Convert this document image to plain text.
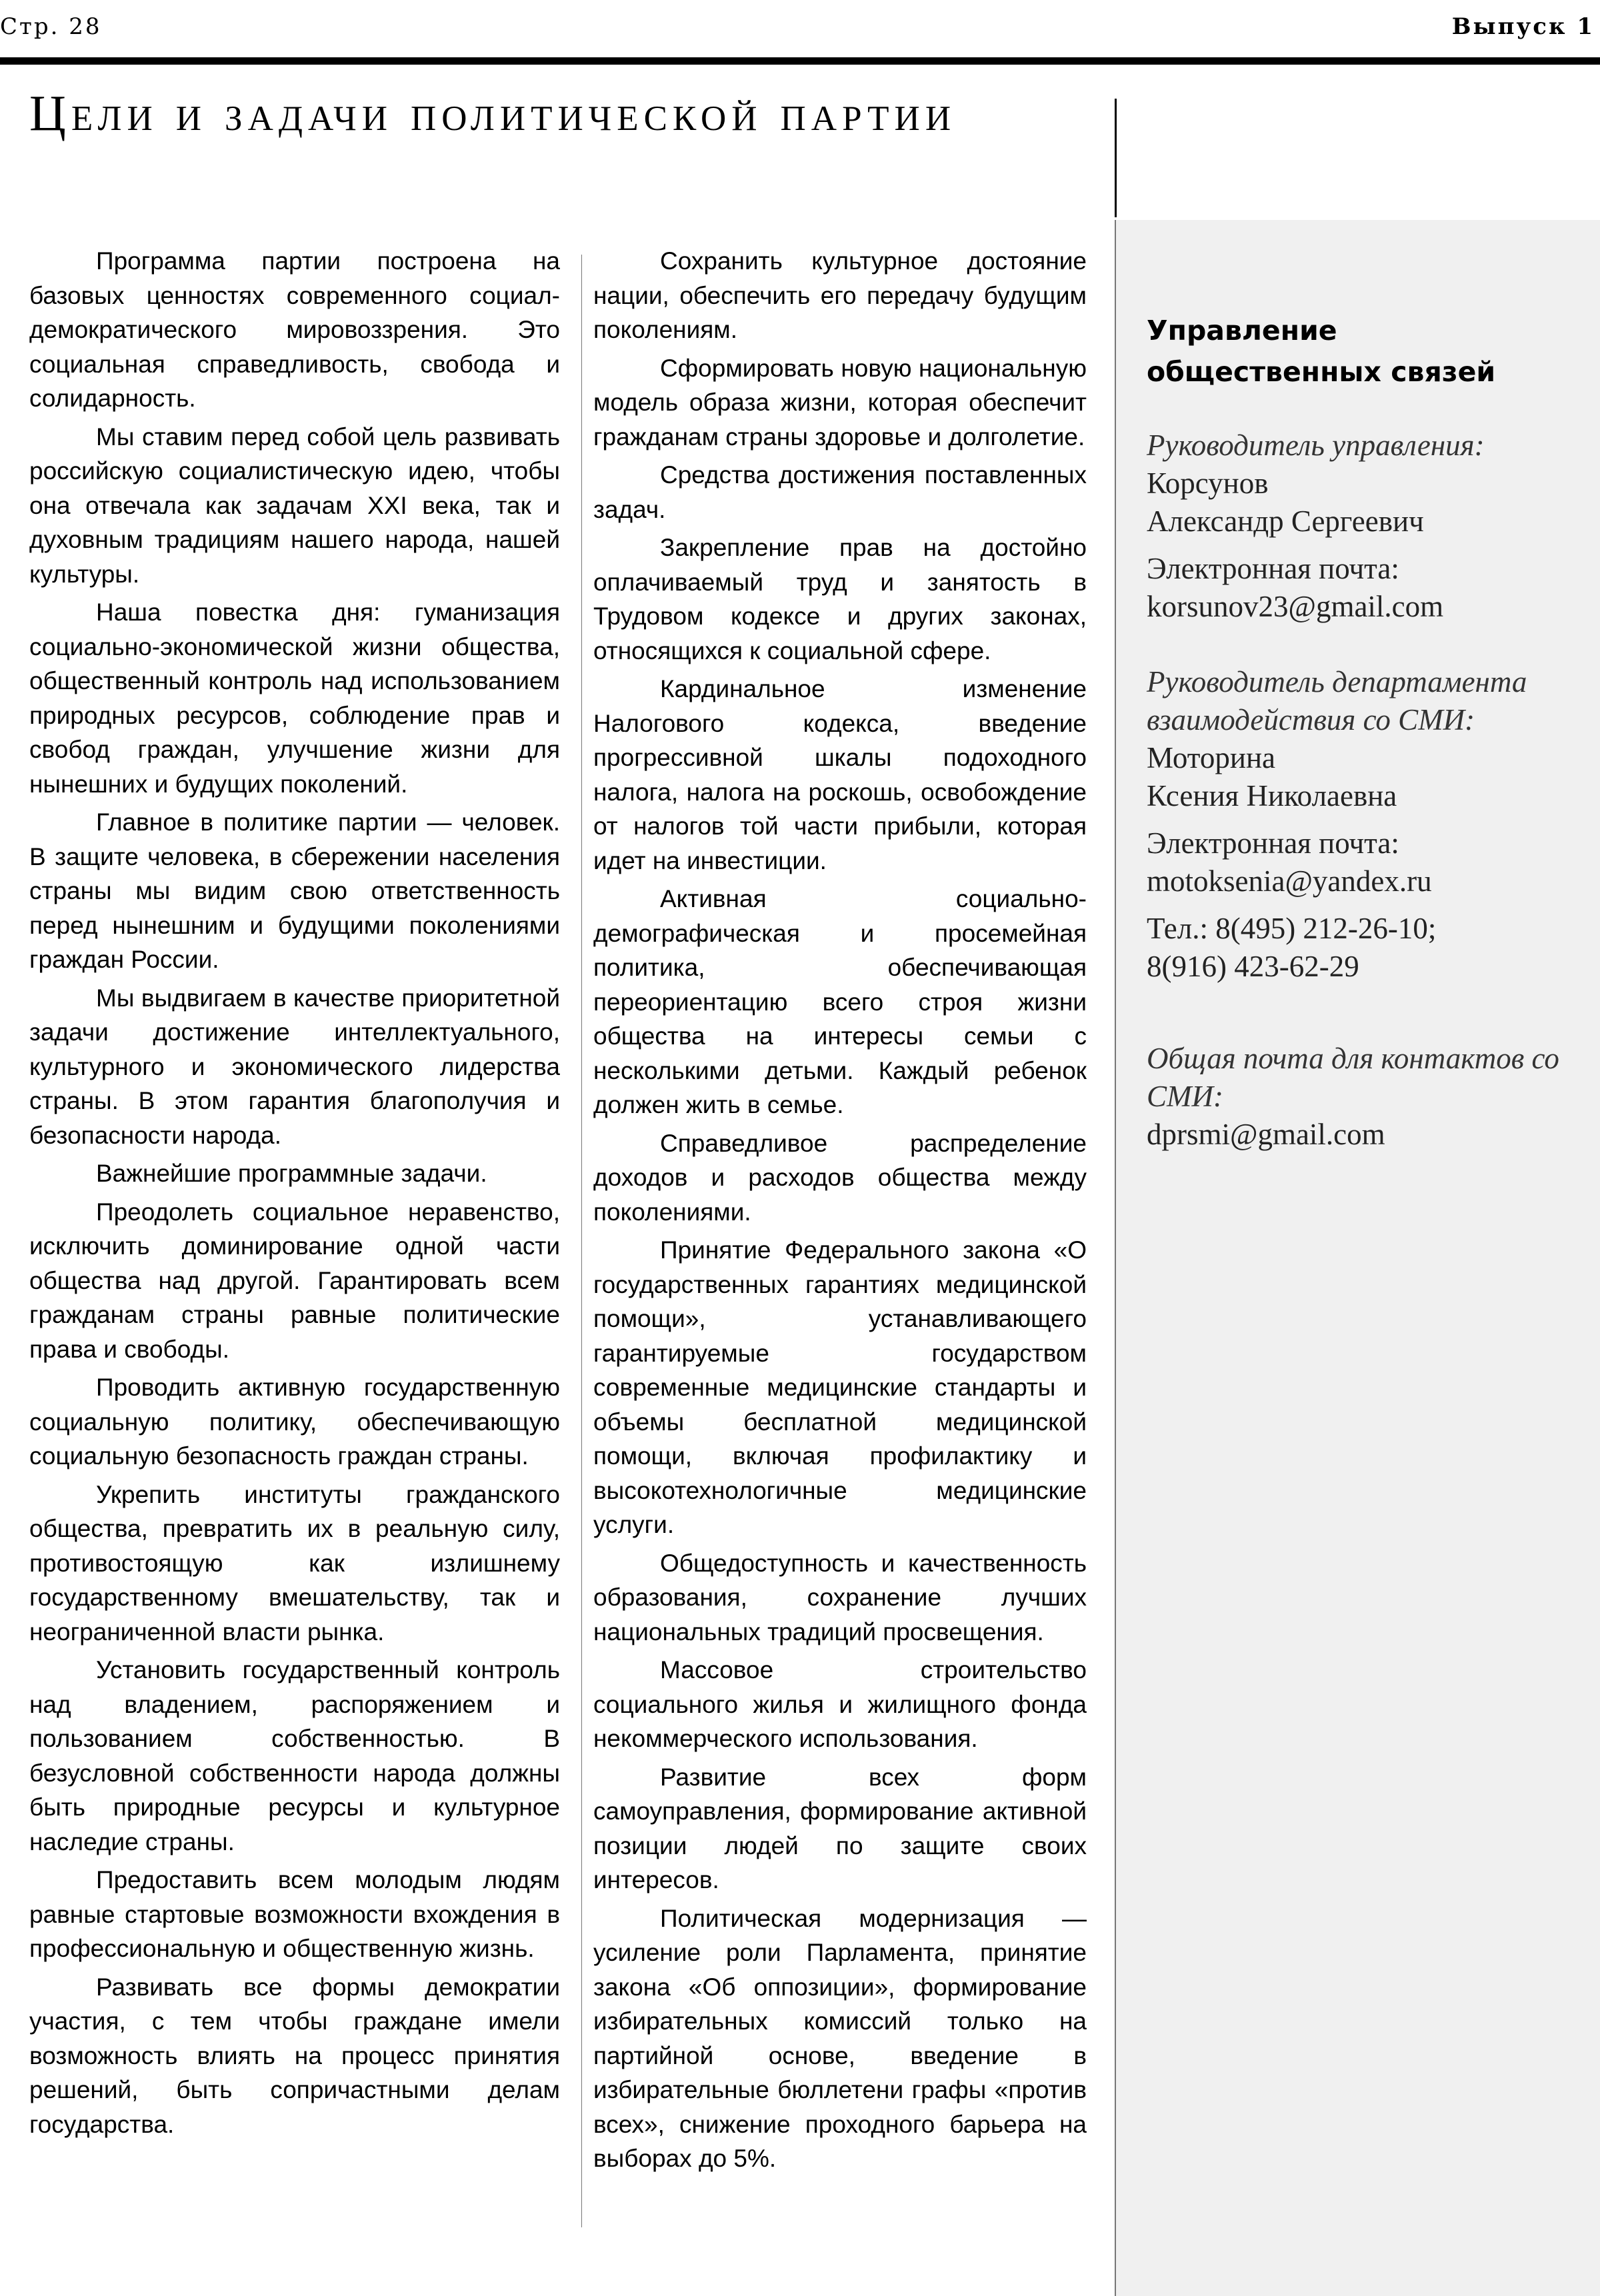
Стр. 28	Выпуск 1
Цели и задачи политической партии

Программа партии построена на базовых ценностях современного социал-демократического мировоззрения. Это социальная справедливость, свобода и солидарность.

Мы ставим перед собой цель развивать российскую социалистическую идею, чтобы она отвечала как задачам XXI века, так и духовным традициям нашего народа, нашей культуры.

Наша повестка дня: гуманизация социально-экономической жизни общества, общественный контроль над использованием природных ресурсов, соблюдение прав и свобод граждан, улучшение жизни для нынешних и будущих поколений.

Главное в политике партии — человек. В защите человека, в сбережении населения страны мы видим свою ответственность перед нынешним и будущими поколениями граждан России.

Мы выдвигаем в качестве приоритетной задачи достижение интеллектуального, культурного и экономического лидерства страны. В этом гарантия благополучия и безопасности народа.

Важнейшие программные задачи.

Преодолеть социальное неравенство, исключить доминирование одной части общества над другой. Гарантировать всем гражданам страны равные политические права и свободы.

Проводить активную государственную социальную политику, обеспечивающую социальную безопасность граждан страны.

Укрепить институты гражданского общества, превратить их в реальную силу, противостоящую как излишнему государственному вмешательству, так и неограниченной власти рынка.

Установить государственный контроль над владением, распоряжением и пользованием собственностью. В безусловной собственности народа должны быть природные ресурсы и культурное наследие страны.

Предоставить всем молодым людям равные стартовые возможности вхождения в профессиональную и общественную жизнь.

Развивать все формы демократии участия, с тем чтобы граждане имели возможность влиять на процесс принятия решений, быть сопричастными делам государства.

Сохранить культурное достояние нации, обеспечить его передачу будущим поколениям.

Сформировать новую национальную модель образа жизни, которая обеспечит гражданам страны здоровье и долголетие.

Средства достижения поставленных задач.

Закрепление прав на достойно оплачиваемый труд и занятость в Трудовом кодексе и других законах, относящихся к социальной сфере.

Кардинальное изменение Налогового кодекса, введение прогрессивной шкалы подоходного налога, налога на роскошь, освобождение от налогов той части прибыли, которая идет на инвестиции.

Активная социально-демографическая и просемейная политика, обеспечивающая переориентацию всего строя жизни общества на интересы семьи с несколькими детьми. Каждый ребенок должен жить в семье.

Справедливое распределение доходов и расходов общества между поколениями.

Принятие Федерального закона «О государственных гарантиях медицинской помощи», устанавливающего гарантируемые государством современные медицинские стандарты и объемы бесплатной медицинской помощи, включая профилактику и высокотехнологичные медицинские услуги.

Общедоступность и качественность образования, сохранение лучших национальных традиций просвещения.

Массовое строительство социального жилья и жилищного фонда некоммерческого использования.

Развитие всех форм самоуправления, формирование активной позиции людей по защите своих интересов.

Политическая модернизация — усиление роли Парламента, принятие закона «Об оппозиции», формирование избирательных комиссий только на партийной основе, введение в избирательные бюллетени графы «против всех», снижение проходного барьера на выборах до 5%.

Управление общественных связей
Руководитель управления:
Корсунов
Александр Сергеевич
Электронная почта:
korsunov23@gmail.com
Руководитель департамента взаимодействия со СМИ:
Моторина
Ксения Николаевна
Электронная почта:
motoksenia@yandex.ru
Тел.: 8(495) 212-26-10;
8(916) 423-62-29
Общая почта для контактов со СМИ:
dprsmi@gmail.com
